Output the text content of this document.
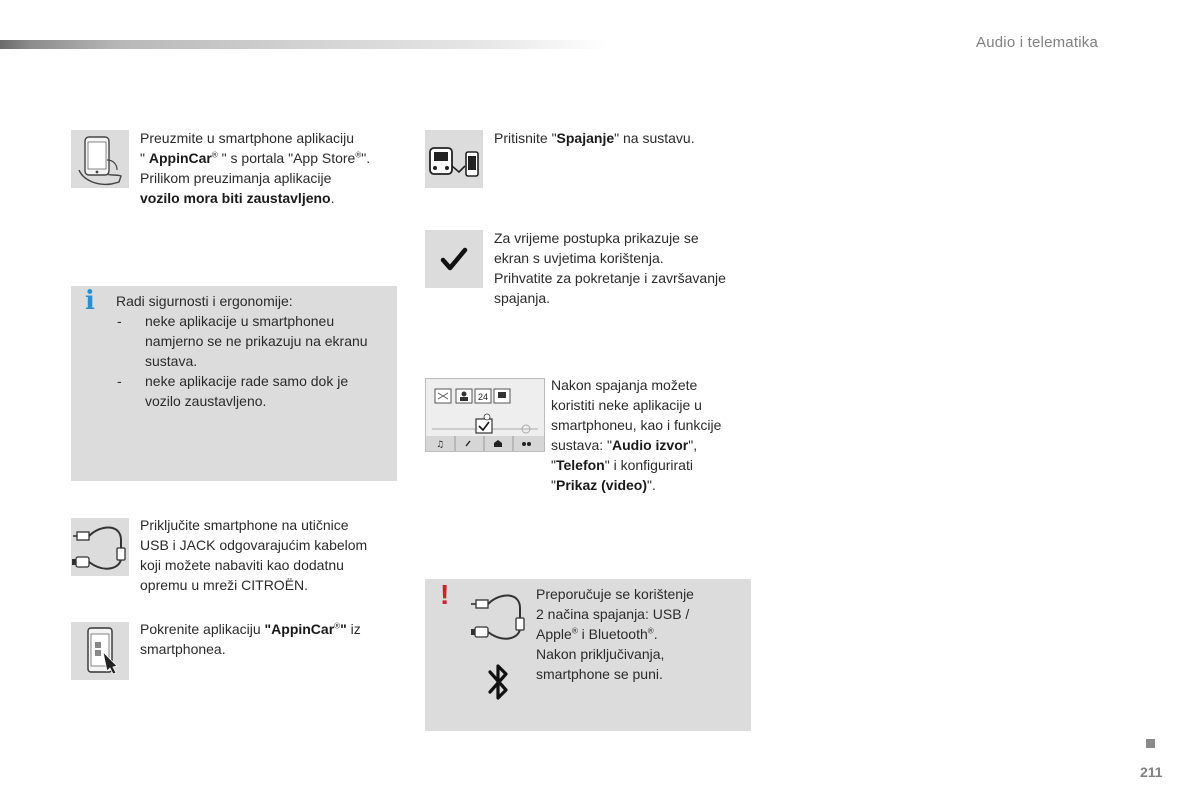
Audio i telematika
Preuzmite u smartphone aplikaciju
" AppinCar® " s portala "App Store®".
Prilikom preuzimanja aplikacije
vozilo mora biti zaustavljeno.
i Radi sigurnosti i ergonomije:
- neke aplikacije u smartphoneu
namjerno se ne prikazuju na ekranu
sustava.
- neke aplikacije rade samo dok je
vozilo zaustavljeno.
Priključite smartphone na utičnice
USB i JACK odgovarajućim kabelom
koji možete nabaviti kao dodatnu
opremu u mreži CITROËN.
Pokrenite aplikaciju "AppinCar®" iz
smartphonea.
Pritisnite "Spajanje" na sustavu.
Za vrijeme postupka prikazuje se
ekran s uvjetima korištenja.
Prihvatite za pokretanje i završavanje
spajanja.
24
♫
Nakon spajanja možete
koristiti neke aplikacije u
smartphoneu, kao i funkcije
sustava: "Audio izvor",
"Telefon" i konfigurirati
"Prikaz (video)".
!	Preporučuje se korištenje
2 načina spajanja: USB /
Apple® i Bluetooth®.
Nakon priključivanja,
smartphone se puni.
211
